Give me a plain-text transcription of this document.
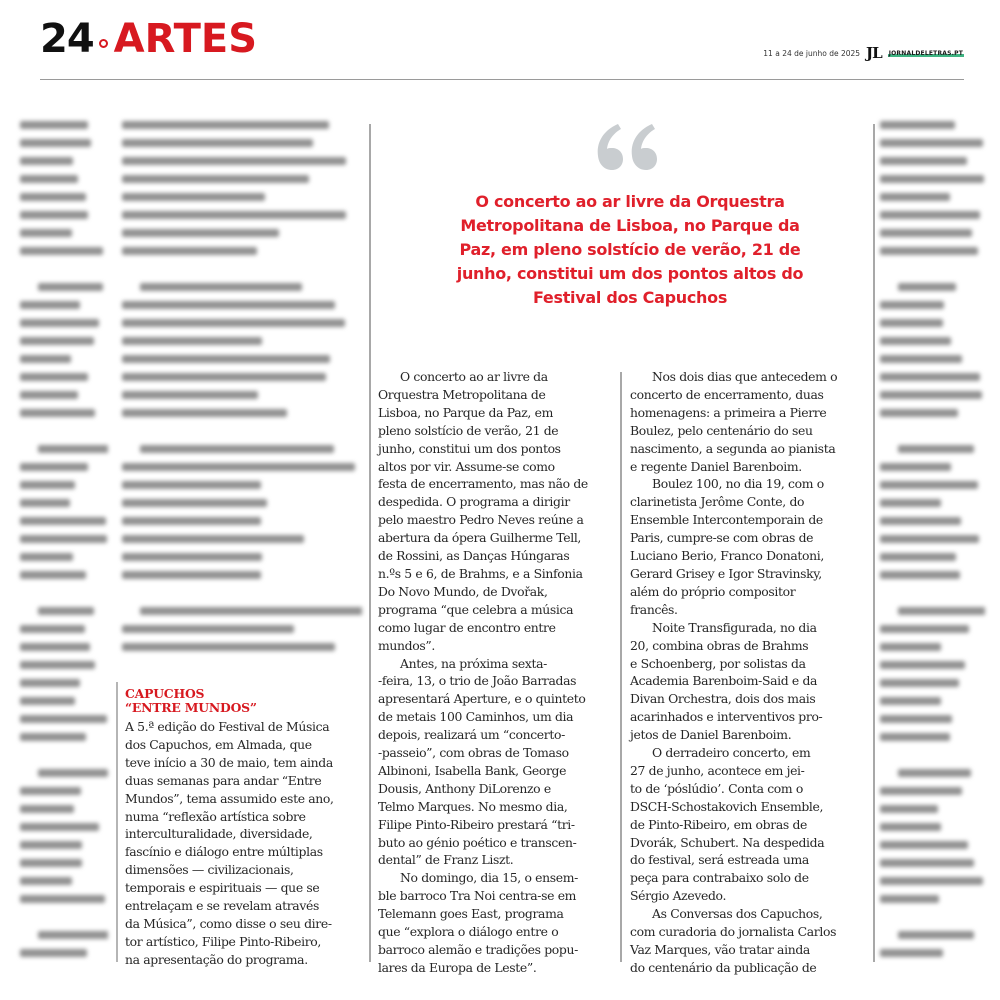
24 ARTES	11 a 24 de junho de 2025 JL JORNALDELETRAS.PT
O concerto ao ar livre da Orquestra
Metropolitana de Lisboa, no Parque da
Paz, em pleno solstício de verão, 21 de
junho, constitui um dos pontos altos do
Festival dos Capuchos
CAPUCHOS
“ENTRE MUNDOS”

A 5.ª edição do Festival de Música
dos Capuchos, em Almada, que
teve início a 30 de maio, tem ainda
duas semanas para andar “Entre
Mundos”, tema assumido este ano,
numa “reflexão artística sobre
interculturalidade, diversidade,
fascínio e diálogo entre múltiplas
dimensões — civilizacionais,
temporais e espirituais — que se
entrelaçam e se revelam através
da Música”, como disse o seu dire-
tor artístico, Filipe Pinto-Ribeiro,
na apresentação do programa.

O concerto ao ar livre da
Orquestra Metropolitana de
Lisboa, no Parque da Paz, em
pleno solstício de verão, 21 de
junho, constitui um dos pontos
altos por vir. Assume-se como
festa de encerramento, mas não de
despedida. O programa a dirigir
pelo maestro Pedro Neves reúne a
abertura da ópera Guilherme Tell,
de Rossini, as Danças Húngaras
n.ºs 5 e 6, de Brahms, e a Sinfonia
Do Novo Mundo, de Dvořak,
programa “que celebra a música
como lugar de encontro entre
mundos”.

Antes, na próxima sexta-
-feira, 13, o trio de João Barradas
apresentará Aperture, e o quinteto
de metais 100 Caminhos, um dia
depois, realizará um “concerto-
-passeio”, com obras de Tomaso
Albinoni, Isabella Bank, George
Dousis, Anthony DiLorenzo e
Telmo Marques. No mesmo dia,
Filipe Pinto-Ribeiro prestará “tri-
buto ao génio poético e transcen-
dental” de Franz Liszt.

No domingo, dia 15, o ensem-
ble barroco Tra Noi centra-se em
Telemann goes East, programa
que “explora o diálogo entre o
barroco alemão e tradições popu-
lares da Europa de Leste”.

Nos dois dias que antecedem o
concerto de encerramento, duas
homenagens: a primeira a Pierre
Boulez, pelo centenário do seu
nascimento, a segunda ao pianista
e regente Daniel Barenboim.

Boulez 100, no dia 19, com o
clarinetista Jerôme Conte, do
Ensemble Intercontemporain de
Paris, cumpre-se com obras de
Luciano Berio, Franco Donatoni,
Gerard Grisey e Igor Stravinsky,
além do próprio compositor
francês.

Noite Transfigurada, no dia
20, combina obras de Brahms
e Schoenberg, por solistas da
Academia Barenboim-Said e da
Divan Orchestra, dois dos mais
acarinhados e interventivos pro-
jetos de Daniel Barenboim.

O derradeiro concerto, em
27 de junho, acontece em jei-
to de ‘póslúdio’. Conta com o
DSCH-Schostakovich Ensemble,
de Pinto-Ribeiro, em obras de
Dvorák, Schubert. Na despedida
do festival, será estreada uma
peça para contrabaixo solo de
Sérgio Azevedo.

As Conversas dos Capuchos,
com curadoria do jornalista Carlos
Vaz Marques, vão tratar ainda
do centenário da publicação de
